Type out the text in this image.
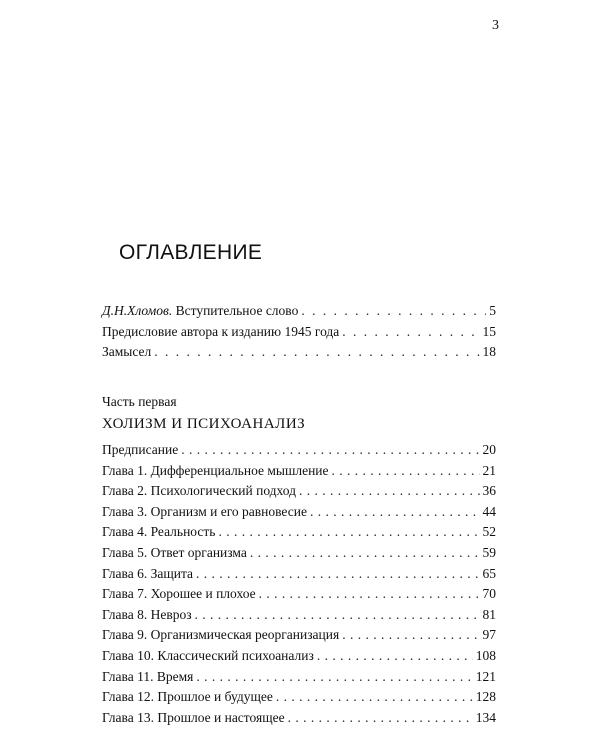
3
ОГЛАВЛЕНИЕ
Д.Н.Хломов. Вступительное слово . . .	5
Предисловие автора к изданию 1945 года . . .	15
Замысел . . .	18
Часть первая
ХОЛИЗМ И ПСИХОАНАЛИЗ
Предписание . . .	20
Глава 1. Дифференциальное мышление . . .	21
Глава 2. Психологический подход . . .	36
Глава 3. Организм и его равновесие . . .	44
Глава 4. Реальность . . .	52
Глава 5. Ответ организма . . .	59
Глава 6. Защита . . .	65
Глава 7. Хорошее и плохое . . .	70
Глава 8. Невроз . . .	81
Глава 9. Организмическая реорганизация . . .	97
Глава 10. Классический психоанализ . . .	108
Глава 11. Время . . .	121
Глава 12. Прошлое и будущее . . .	128
Глава 13. Прошлое и настоящее . . .	134
